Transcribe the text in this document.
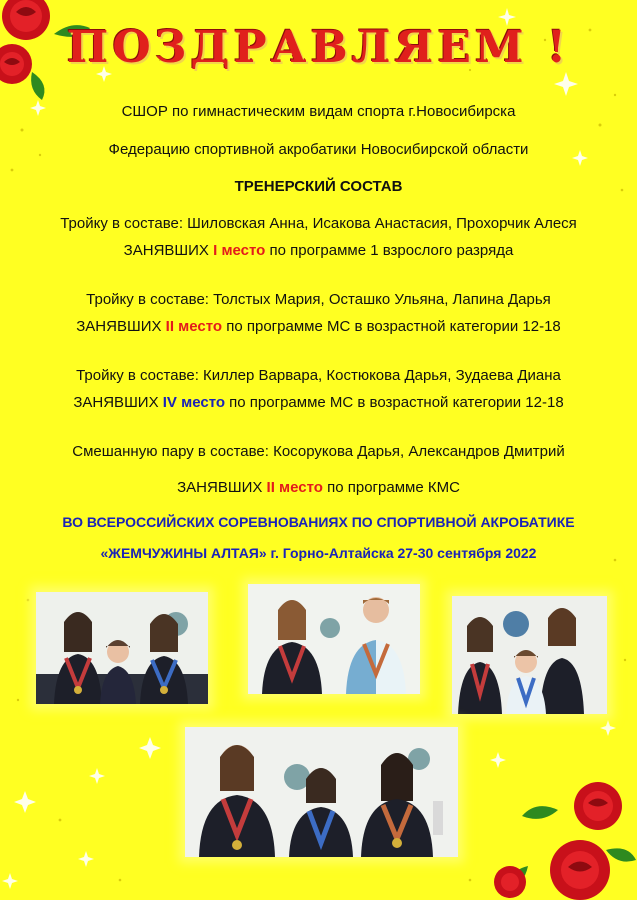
ПОЗДРАВЛЯЕМ !
СШОР по гимнастическим видам спорта г.Новосибирска
Федерацию спортивной акробатики Новосибирской области
ТРЕНЕРСКИЙ СОСТАВ
Тройку в составе: Шиловская Анна, Исакова Анастасия, Прохорчик Алеся
ЗАНЯВШИХ I место по программе 1 взрослого разряда
Тройку в составе: Толстых Мария, Осташко Ульяна, Лапина Дарья
ЗАНЯВШИХ II место по программе МС в возрастной категории 12-18
Тройку в составе: Киллер Варвара, Костюкова Дарья, Зудаева Диана
ЗАНЯВШИХ IV место по программе МС в возрастной категории 12-18
Смешанную пару в составе: Косорукова Дарья, Александров Дмитрий
ЗАНЯВШИХ II место по программе КМС
ВО ВСЕРОССИЙСКИХ СОРЕВНОВАНИЯХ ПО СПОРТИВНОЙ АКРОБАТИКЕ
«ЖЕМЧУЖИНЫ АЛТАЯ» г. Горно-Алтайска 27-30 сентября 2022
